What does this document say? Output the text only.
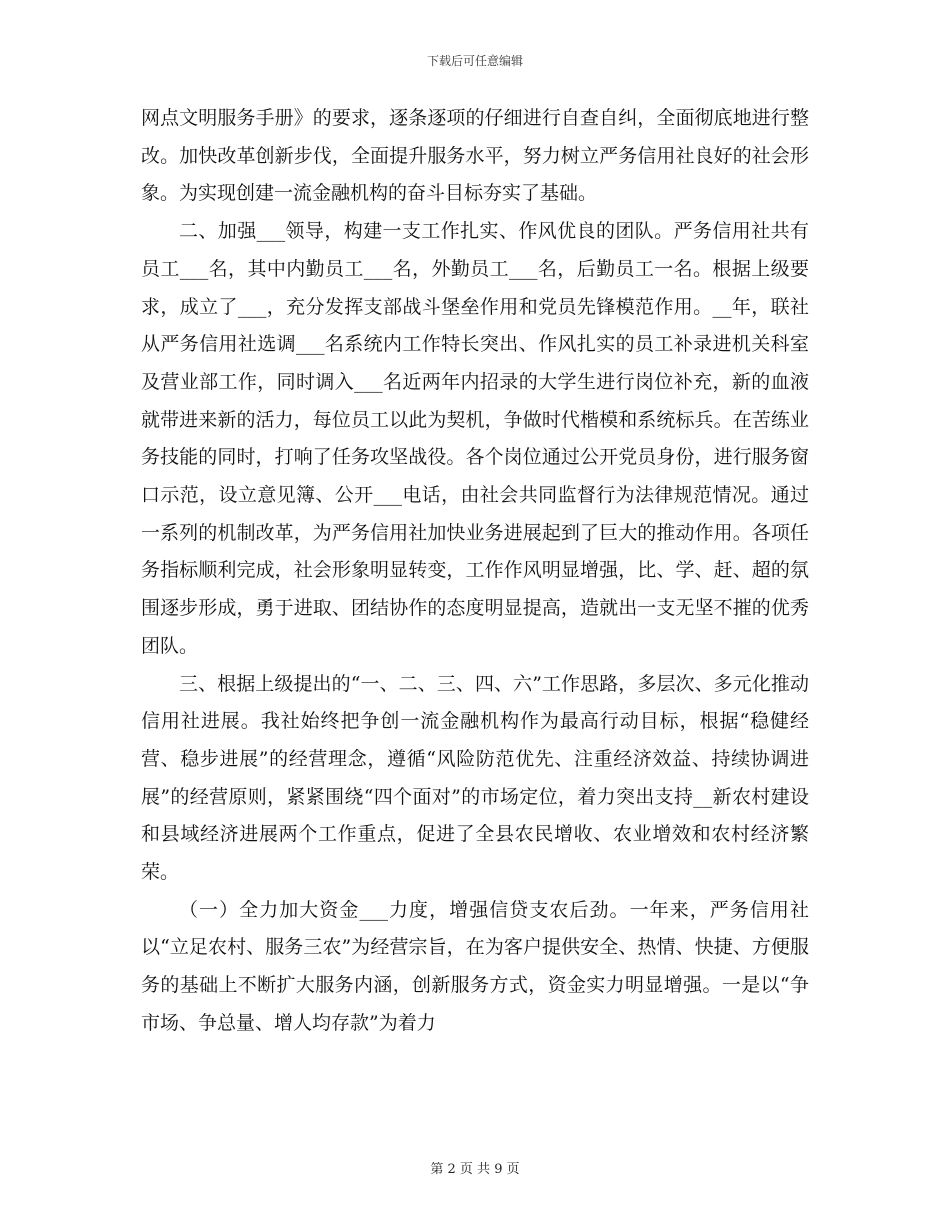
下载后可任意编辑

网点文明服务手册》的要求，逐条逐项的仔细进行自查自纠，全面彻底地进行整改。加快改革创新步伐，全面提升服务水平，努力树立严务信用社良好的社会形象。为实现创建一流金融机构的奋斗目标夯实了基础。

二、加强___领导，构建一支工作扎实、作风优良的团队。严务信用社共有员工___名，其中内勤员工___名，外勤员工___名，后勤员工一名。根据上级要求，成立了___，充分发挥支部战斗堡垒作用和党员先锋模范作用。__年，联社从严务信用社选调___名系统内工作特长突出、作风扎实的员工补录进机关科室及营业部工作，同时调入___名近两年内招录的大学生进行岗位补充，新的血液就带进来新的活力，每位员工以此为契机，争做时代楷模和系统标兵。在苦练业务技能的同时，打响了任务攻坚战役。各个岗位通过公开党员身份，进行服务窗口示范，设立意见簿、公开___电话，由社会共同监督行为法律规范情况。通过一系列的机制改革，为严务信用社加快业务进展起到了巨大的推动作用。各项任务指标顺利完成，社会形象明显转变，工作作风明显增强，比、学、赶、超的氛围逐步形成，勇于进取、团结协作的态度明显提高，造就出一支无坚不摧的优秀团队。

三、根据上级提出的“一、二、三、四、六”工作思路，多层次、多元化推动信用社进展。我社始终把争创一流金融机构作为最高行动目标，根据“稳健经营、稳步进展”的经营理念，遵循“风险防范优先、注重经济效益、持续协调进展”的经营原则，紧紧围绕“四个面对”的市场定位，着力突出支持__新农村建设和县域经济进展两个工作重点，促进了全县农民增收、农业增效和农村经济繁荣。

（一）全力加大资金___力度，增强信贷支农后劲。一年来，严务信用社以“立足农村、服务三农”为经营宗旨，在为客户提供安全、热情、快捷、方便服务的基础上不断扩大服务内涵，创新服务方式，资金实力明显增强。一是以“争市场、争总量、增人均存款”为着力

第 2 页 共 9 页
